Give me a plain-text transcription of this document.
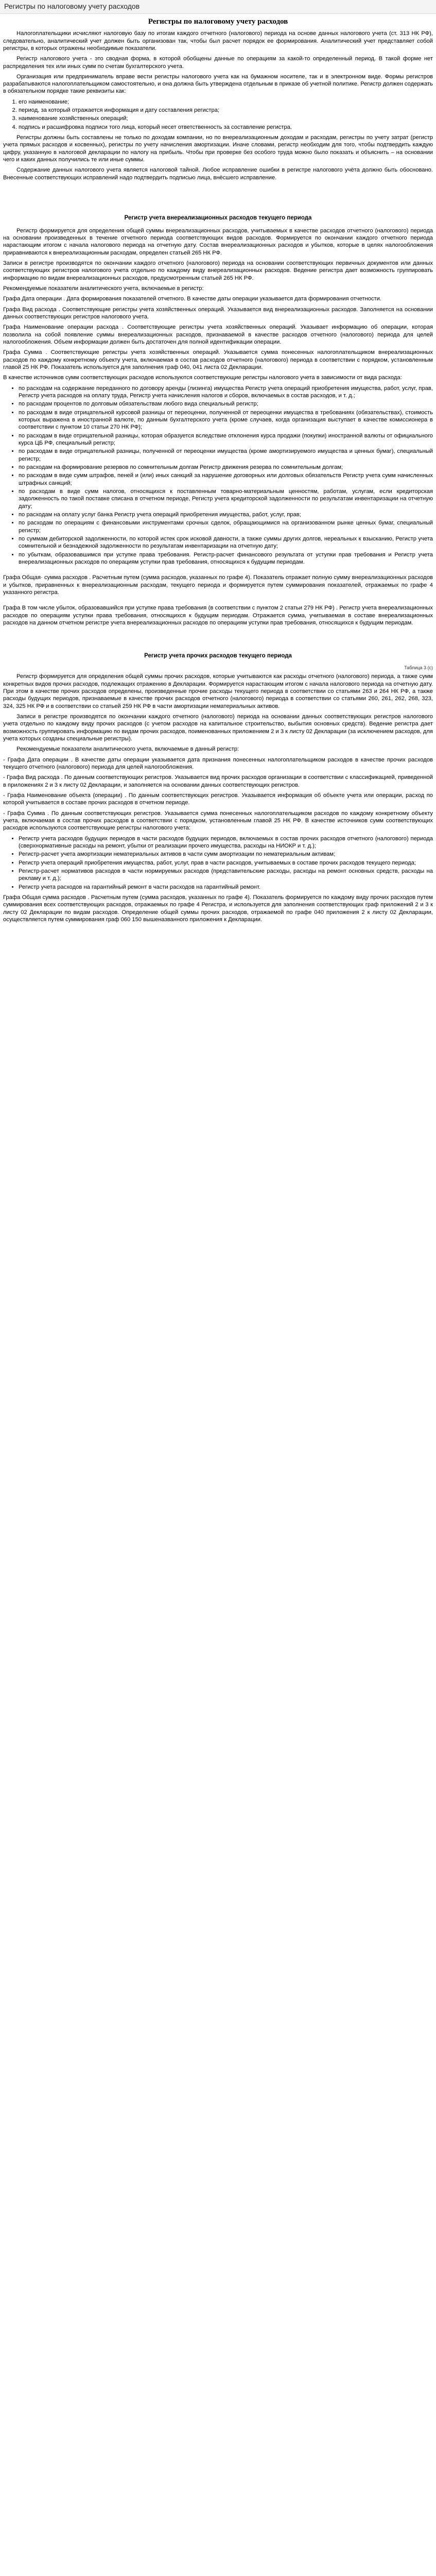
Регистры по налоговому учету расходов
Регистры по налоговому учету расходов

Налогоплательщики исчисляют налоговую базу по итогам каждого отчетного (налогового) периода на основе данных налогового учета (ст. 313 НК РФ), следовательно, аналитический учет должен быть организован так, чтобы был расчет порядок ее формирования. Аналитический учет представляет собой регистры, в которых отражены необходимые показатели.

Регистр налогового учета - это сводная форма, в которой обобщены данные по операциям за какой-то определенный период. В такой форме нет распределения тех или иных сумм по счетам бухгалтерского учета.

Организация или предприниматель вправе вести регистры налогового учета как на бумажном носителе, так и в электронном виде. Формы регистров разрабатываются налогоплательщиком самостоятельно, и она должна быть утверждена отдельным в приказе об учетной политике. Регистр должен содержать в обязательном порядке такие реквизиты как:

1. его наименование;
2. период, за который отражается информация и дату составления регистра;
3. наименование хозяйственных операций;
4. подпись и расшифровка подписи того лица, который несет ответственность за составление регистра.

Регистры должны быть составлены не только по доходам компании, но по внереализационным доходам и расходам, регистры по учету затрат (регистр учета прямых расходов и косвенных), регистры по учету начисления амортизации. Иначе словами, регистр необходим для того, чтобы подтвердить каждую цифру, указанную в налоговой декларации по налогу на прибыль. Чтобы при проверке без особого труда можно было показать и объяснить – на основании чего и каких данных получились те или иные суммы.

Содержание данных налогового учета является налоговой тайной. Любое исправление ошибки в регистре налогового учёта должно быть обосновано. Внесенные соответствующих исправлений надо подтвердить подписью лица, внёсшего исправление.

Регистр учета внереализационных расходов текущего периода

Регистр формируется для определения общей суммы внереализационных расходов, учитываемых в качестве расходов отчетного (налогового) периода на основании произведенных в течение отчетного периода соответствующих видов расходов. Формируется по окончании каждого отчетного периода нарастающим итогом с начала налогового периода на отчетную дату. Состав внереализационных расходов и убытков, которые в целях налогообложения приравниваются к внереализационным расходам, определен статьей 265 НК РФ.

Записи в регистре производятся по окончании каждого отчетного (налогового) периода на основании соответствующих первичных документов или данных соответствующих регистров налогового учета отдельно по каждому виду внереализационных расходов. Ведение регистра дает возможность группировать информацию по видам внереализационных расходов, предусмотренным статьей 265 НК РФ.

Рекомендуемые показатели аналитического учета, включаемые в регистр:

Графа Дата операции . Дата формирования показателей отчетного. В качестве даты операции указывается дата формирования отчетности.

Графа Вид расхода . Соответствующие регистры учета хозяйственных операций. Указывается вид внереализационных расходов. Заполняется на основании данных соответствующих регистров налогового учета.

Графа Наименование операции расхода . Соответствующие регистры учета хозяйственных операций. Указывает информацию об операции, которая позволила на собой появление суммы внереализационных расходов, признаваемой в качестве расходов отчетного (налогового) периода для целей налогообложения. Объем информации должен быть достаточен для полной идентификации операции.

Графа Сумма . Соответствующие регистры учета хозяйственных операций. Указывается сумма понесенных налогоплательщиком внереализационных расходов по каждому конкретному объекту учета, включаемая в состав расходов отчетного (налогового) периода в соответствии с порядком, установленным главой 25 НК РФ. Показатель используется для заполнения граф 040, 041 листа 02 Декларации.

В качестве источников сумм соответствующих расходов используются соответствующие регистры налогового учета в зависимости от вида расхода:

• по расходам на содержание переданного по договору аренды (лизинга) имущества Регистр учета операций приобретения имущества, работ, услуг, прав, Регистр учета расходов на оплату труда, Регистр учета начисления налогов и сборов, включаемых в состав расходов, и т. д.;
• по расходам процентов по долговым обязательствам любого вида специальный регистр;
• по расходам в виде отрицательной курсовой разницы от переоценки, полученной от переоценки имущества в требованиях (обязательствах), стоимость которых выражена в иностранной валюте, по данным бухгалтерского учета (кроме случаев, когда организация выступает в качестве комиссионера в соответствии с пунктом 10 статьи 270 НК РФ);
• по расходам в виде отрицательной разницы, которая образуется вследствие отклонения курса продажи (покупки) иностранной валюты от официального курса ЦБ РФ, специальный регистр;
• по расходам в виде отрицательной разницы, полученной от переоценки имущества (кроме амортизируемого имущества и ценных бумаг), специальный регистр;
• по расходам на формирование резервов по сомнительным долгам Регистр движения резерва по сомнительным долгам;
• по расходам в виде сумм штрафов, пеней и (или) иных санкций за нарушение договорных или долговых обязательств Регистр учета сумм начисленных штрафных санкций;
• по расходам в виде сумм налогов, относящихся к поставленным товарно-материальным ценностям, работам, услугам, если кредиторская задолженность по такой поставке списана в отчетном периоде, Регистр учета кредиторской задолженности по результатам инвентаризации на отчетную дату;
• по расходам на оплату услуг банка Регистр учета операций приобретения имущества, работ, услуг, прав;
• по расходам по операциям с финансовыми инструментами срочных сделок, обращающимися на организованном рынке ценных бумаг, специальный регистр;
• по суммам дебиторской задолженности, по которой истек срок исковой давности, а также суммы других долгов, нереальных к взысканию, Регистр учета сомнительной и безнадежной задолженности по результатам инвентаризации на отчетную дату;
• по убыткам, образовавшимся при уступке права требования. Регистр-расчет финансового результата от уступки прав требования и Регистр учета внереализационных расходов по операциям уступки прав требования, относящихся к будущим периодам.

Графа Общая· сумма расходов . Расчетным путем (сумма расходов, указанных по графе 4). Показатель отражает полную сумму внереализационных расходов и убытков, приравненных к внереализационным расходам, текущего периода и формируется путем суммирования показателей, отражаемых по графе 4 указанного регистра.

Графа В том числе убыток, образовавшийся при уступке права требования (в соответствии с пунктом 2 статьи 279 НК РФ) . Регистр учета внереализационных расходов по операциям уступки права требования, относящихся к будущим периодам. Отражается сумма, учитываемая в составе внереализационных расходов на данном отчетном регистре учета внереализационных расходов по операциям уступки прав требования, относящихся к будущим периодам.

Регистр учета прочих расходов текущего периода
Таблица 3 (с)

Регистр формируется для определения общей суммы прочих расходов, которые учитываются как расходы отчетного (налогового) периода, а также сумм конкретных видов прочих расходов, подлежащих отражению в Декларации. Формируется нарастающим итогом с начала налогового периода на отчетную дату. При этом в качестве прочих расходов определены, произведенные прочие расходы текущего периода в соответствии со статьями 263 и 264 НК РФ, а также расходы будущих периодов, признаваемые в качестве прочих расходов отчетного (налогового) периода в соответствии со статьями 260, 261, 262, 268, 323, 324, 325 НК РФ и в соответствии со статьей 259 НК РФ в части амортизации нематериальных активов.

Записи в регистре производятся по окончании каждого отчетного (налогового) периода на основании данных соответствующих регистров налогового учета отдельно по каждому виду прочих расходов (с учетом расходов на капитальное строительство, выбытия основных средств). Ведение регистра дает возможность группировать информацию по видам прочих расходов, поименованных приложением 2 и 3 к листу 02 Декларации (за исключением расходов, для учета которых созданы специальные регистры).

Рекомендуемые показатели аналитического учета, включаемые в данный регистр:

- Графа Дата операции . В качестве даты операции указывается дата признания понесенных налогоплательщиком расходов в качестве прочих расходов текущего отчетного (налогового) периода для целей налогообложения.

- Графа Вид расхода . По данным соответствующих регистров. Указывается вид прочих расходов организации в соответствии с классификацией, приведенной в приложениях 2 и 3 к листу 02 Декларации, и заполняется на основании данных соответствующих регистров.

- Графа Наименование объекта (операции) . По данным соответствующих регистров. Указывается информация об объекте учета или операции, расход по которой учитывается в составе прочих расходов в отчетном периоде.

- Графа Сумма . По данным соответствующих регистров. Указывается сумма понесенных налогоплательщиком расходов по каждому конкретному объекту учета, включаемая в состав прочих расходов в соответствии с порядком, установленным главой 25 НК РФ. В качестве источников сумм соответствующих расходов используются соответствующие регистры налогового учета:

• Регистр учета расходов будущих периодов в части расходов будущих периодов, включаемых в состав прочих расходов отчетного (налогового) периода (сверхнормативные расходы на ремонт, убытки от реализации прочего имущества, расходы на НИОКР и т. д.);
• Регистр-расчет учета амортизации нематериальных активов в части сумм амортизации по нематериальным активам;
• Регистр учета операций приобретения имущества, работ, услуг, прав в части расходов, учитываемых в составе прочих расходов текущего периода;
• Регистр-расчет нормативов расходов в части нормируемых расходов (представительские расходы, расходы на ремонт основных средств, расходы на рекламу и т. д.);
• Регистр учета расходов на гарантийный ремонт в части расходов на гарантийный ремонт.

Графа Общая сумма расходов . Расчетным путем (сумма расходов, указанных по графе 4). Показатель формируется по каждому виду прочих расходов путем суммирования всех соответствующих расходов, отражаемых по графе 4 Регистра, и используется для заполнения соответствующих граф приложений 2 и 3 к листу 02 Декларации по видам расходов. Определение общей суммы прочих расходов, отражаемой по графе 040 приложения 2 к листу 02 Декларации, осуществляется путем суммирования граф 060 150 вышеназванного приложения к Декларации.
